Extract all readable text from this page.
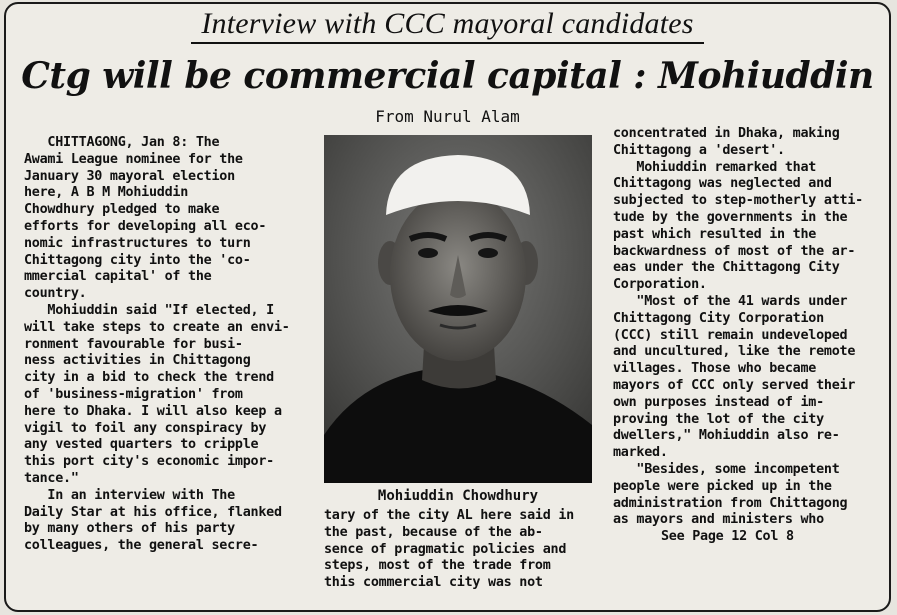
Interview with CCC mayoral candidates
Ctg will be commercial capital : Mohiuddin
From Nurul Alam
CHITTAGONG, Jan 8: The
Awami League nominee for the
January 30 mayoral election
here, A B M Mohiuddin
Chowdhury pledged to make
efforts for developing all eco-
nomic infrastructures to turn
Chittagong city into the 'co-
mmercial capital' of the
country.
Mohiuddin said "If elected, I
will take steps to create an envi-
ronment favourable for busi-
ness activities in Chittagong
city in a bid to check the trend
of 'business-migration' from
here to Dhaka. I will also keep a
vigil to foil any conspiracy by
any vested quarters to cripple
this port city's economic impor-
tance."
In an interview with The
Daily Star at his office, flanked
by many others of his party
colleagues, the general secre-
Mohiuddin Chowdhury
tary of the city AL here said in
the past, because of the ab-
sence of pragmatic policies and
steps, most of the trade from
this commercial city was not
concentrated in Dhaka, making
Chittagong a 'desert'.
Mohiuddin remarked that
Chittagong was neglected and
subjected to step-motherly atti-
tude by the governments in the
past which resulted in the
backwardness of most of the ar-
eas under the Chittagong City
Corporation.
"Most of the 41 wards under
Chittagong City Corporation
(CCC) still remain undeveloped
and uncultured, like the remote
villages. Those who became
mayors of CCC only served their
own purposes instead of im-
proving the lot of the city
dwellers," Mohiuddin also re-
marked.
"Besides, some incompetent
people were picked up in the
administration from Chittagong
as mayors and ministers who
See Page 12 Col 8
